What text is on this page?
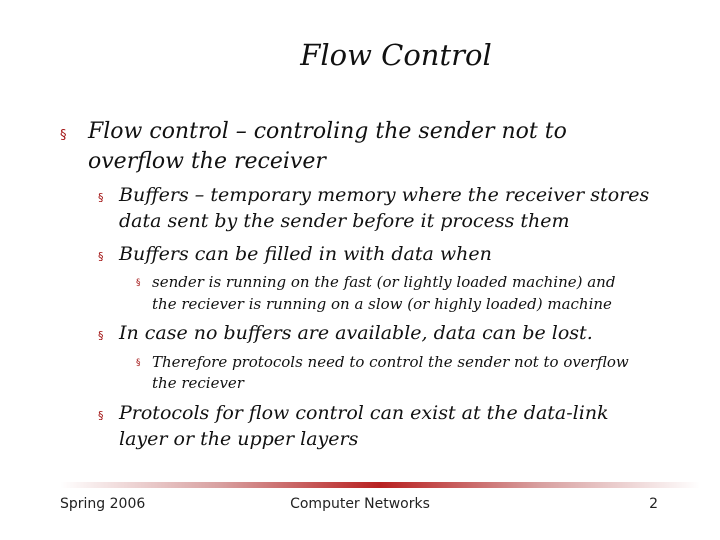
Flow Control
§ Flow control – controling the sender not to
overflow the receiver
§ Buffers – temporary memory where the receiver stores
data sent by the sender before it process them
§ Buffers can be filled in with data when
§ sender is running on the fast (or lightly loaded machine) and
the reciever is running on a slow (or highly loaded) machine
§ In case no buffers are available, data can be lost.
§ Therefore protocols need to control the sender not to overflow
the reciever
§ Protocols for flow control can exist at the data-link
layer or the upper layers
Spring 2006	Computer Networks	2
